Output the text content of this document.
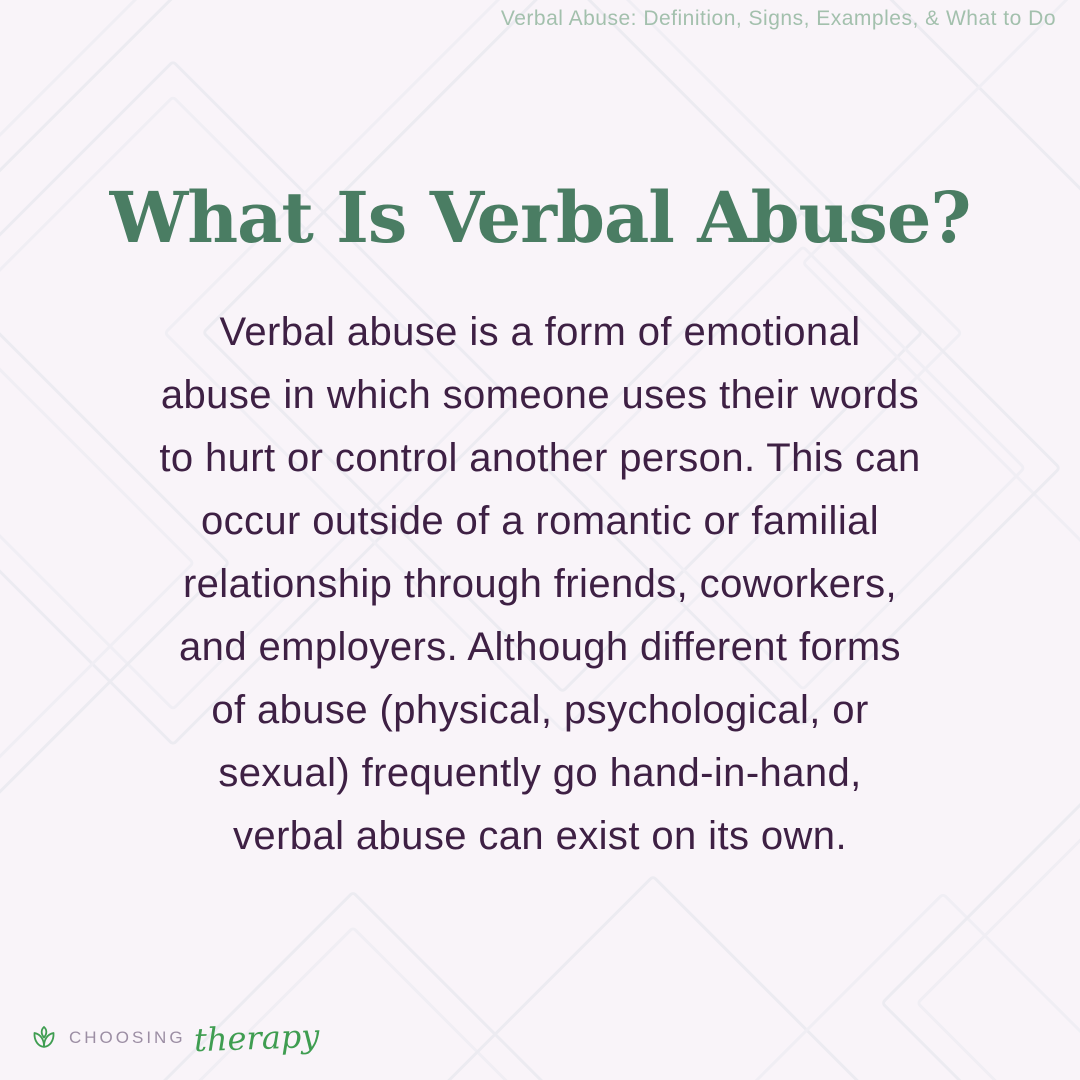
Verbal Abuse: Definition, Signs, Examples, & What to Do
What Is Verbal Abuse?
Verbal abuse is a form of emotional
abuse in which someone uses their words
to hurt or control another person. This can
occur outside of a romantic or familial
relationship through friends, coworkers,
and employers. Although different forms
of abuse (physical, psychological, or
sexual) frequently go hand-in-hand,
verbal abuse can exist on its own.
CHOOSING therapy
